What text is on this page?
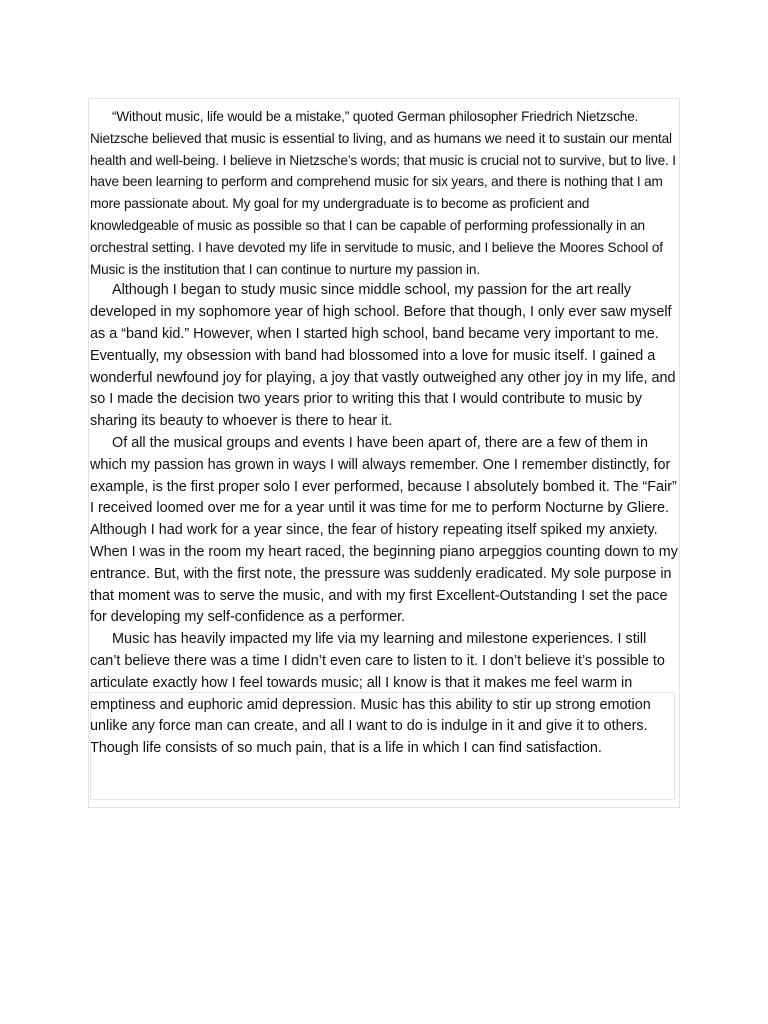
“Without music, life would be a mistake,” quoted German philosopher Friedrich Nietzsche. Nietzsche believed that music is essential to living, and as humans we need it to sustain our mental health and well-being. I believe in Nietzsche’s words; that music is crucial not to survive, but to live. I have been learning to perform and comprehend music for six years, and there is nothing that I am more passionate about. My goal for my undergraduate is to become as proficient and knowledgeable of music as possible so that I can be capable of performing professionally in an orchestral setting. I have devoted my life in servitude to music, and I believe the Moores School of Music is the institution that I can continue to nurture my passion in.

Although I began to study music since middle school, my passion for the art really developed in my sophomore year of high school. Before that though, I only ever saw myself as a “band kid.” However, when I started high school, band became very important to me. Eventually, my obsession with band had blossomed into a love for music itself. I gained a wonderful newfound joy for playing, a joy that vastly outweighed any other joy in my life, and so I made the decision two years prior to writing this that I would contribute to music by sharing its beauty to whoever is there to hear it.

Of all the musical groups and events I have been apart of, there are a few of them in which my passion has grown in ways I will always remember. One I remember distinctly, for example, is the first proper solo I ever performed, because I absolutely bombed it. The “Fair” I received loomed over me for a year until it was time for me to perform Nocturne by Gliere. Although I had work for a year since, the fear of history repeating itself spiked my anxiety. When I was in the room my heart raced, the beginning piano arpeggios counting down to my entrance. But, with the first note, the pressure was suddenly eradicated. My sole purpose in that moment was to serve the music, and with my first Excellent-Outstanding I set the pace for developing my self-confidence as a performer.

Music has heavily impacted my life via my learning and milestone experiences. I still can’t believe there was a time I didn’t even care to listen to it. I don’t believe it’s possible to articulate exactly how I feel towards music; all I know is that it makes me feel warm in emptiness and euphoric amid depression. Music has this ability to stir up strong emotion unlike any force man can create, and all I want to do is indulge in it and give it to others. Though life consists of so much pain, that is a life in which I can find satisfaction.
